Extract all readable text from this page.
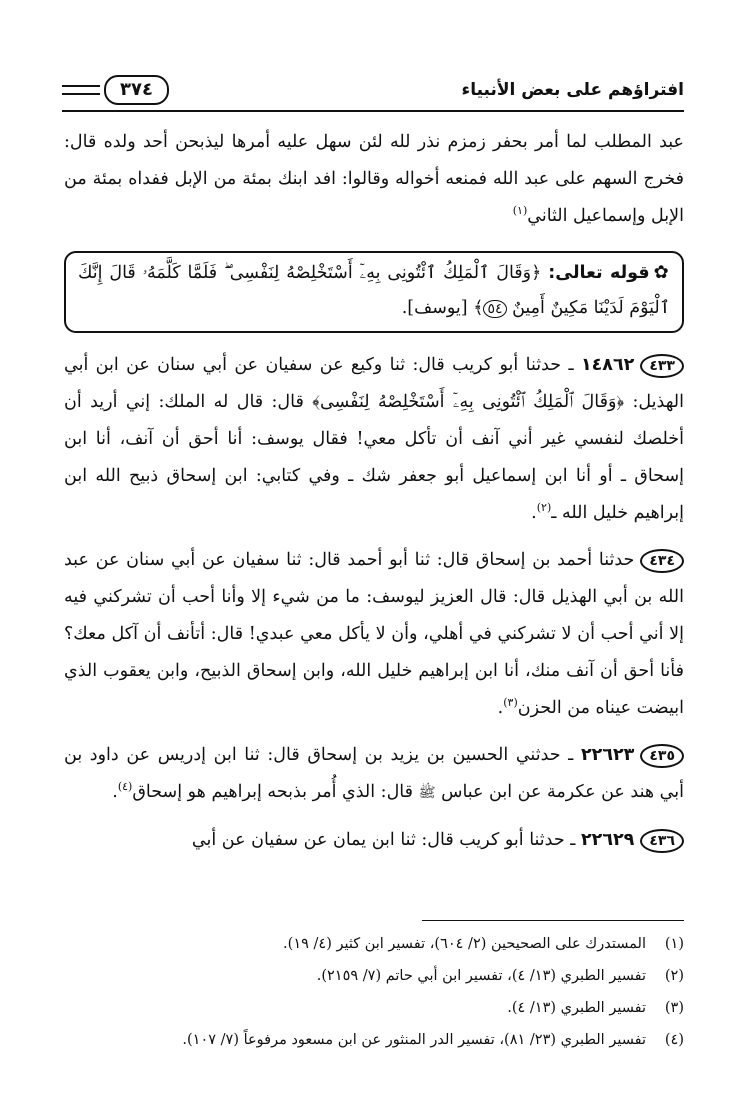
افتراؤهم على بعض الأنبياء
٣٧٤

عبد المطلب لما أمر بحفر زمزم نذر لله لئن سهل عليه أمرها ليذبحن أحد ولده قال: فخرج السهم على عبد الله فمنعه أخواله وقالوا: افد ابنك بمئة من الإبل ففداه بمئة من الإبل وإسماعيل الثاني$^{(١)}$

✿قوله تعالى: ﴿وَقَالَ ٱلْمَلِكُ ٱئْتُونِى بِهِۦٓ أَسْتَخْلِصْهُ لِنَفْسِى ۖ فَلَمَّا كَلَّمَهُۥ قَالَ إِنَّكَ ٱلْيَوْمَ لَدَيْنَا مَكِينٌ أَمِينٌ ٥٤﴾ [يوسف].

٤٣٣١٤٨٦٢ ـ حدثنا أبو كريب قال: ثنا وكيع عن سفيان عن أبي سنان عن ابن أبي الهذيل: ﴿وَقَالَ ٱلْمَلِكُ ٱئْتُونِى بِهِۦٓ أَسْتَخْلِصْهُ لِنَفْسِى﴾ قال: قال له الملك: إني أريد أن أخلصك لنفسي غير أني آنف أن تأكل معي! فقال يوسف: أنا أحق أن آنف، أنا ابن إسحاق ـ أو أنا ابن إسماعيل أبو جعفر شك ـ وفي كتابي: ابن إسحاق ذبيح الله ابن إبراهيم خليل الله ـ$^{(٢)}$.

٤٣٤حدثنا أحمد بن إسحاق قال: ثنا أبو أحمد قال: ثنا سفيان عن أبي سنان عن عبد الله بن أبي الهذيل قال: قال العزيز ليوسف: ما من شيء إلا وأنا أحب أن تشركني فيه إلا أني أحب أن لا تشركني في أهلي، وأن لا يأكل معي عبدي! قال: أتأنف أن آكل معك؟ فأنا أحق أن آنف منك، أنا ابن إبراهيم خليل الله، وابن إسحاق الذبيح، وابن يعقوب الذي ابيضت عيناه من الحزن$^{(٣)}$.

٤٣٥٢٢٦٢٣ ـ حدثني الحسين بن يزيد بن إسحاق قال: ثنا ابن إدريس عن داود بن أبي هند عن عكرمة عن ابن عباس ﷺ قال: الذي أُمر بذبحه إبراهيم هو إسحاق$^{(٤)}$.

٤٣٦٢٢٦٢٩ ـ حدثنا أبو كريب قال: ثنا ابن يمان عن سفيان عن أبي

(١)
المستدرك على الصحيحين (٢/ ٦٠٤)، تفسير ابن كثير (٤/ ١٩).

(٢)
تفسير الطبري (١٣/ ٤)، تفسير ابن أبي حاتم (٧/ ٢١٥٩).

(٣)
تفسير الطبري (١٣/ ٤).

(٤)
تفسير الطبري (٢٣/ ٨١)، تفسير الدر المنثور عن ابن مسعود مرفوعاً (٧/ ١٠٧).
